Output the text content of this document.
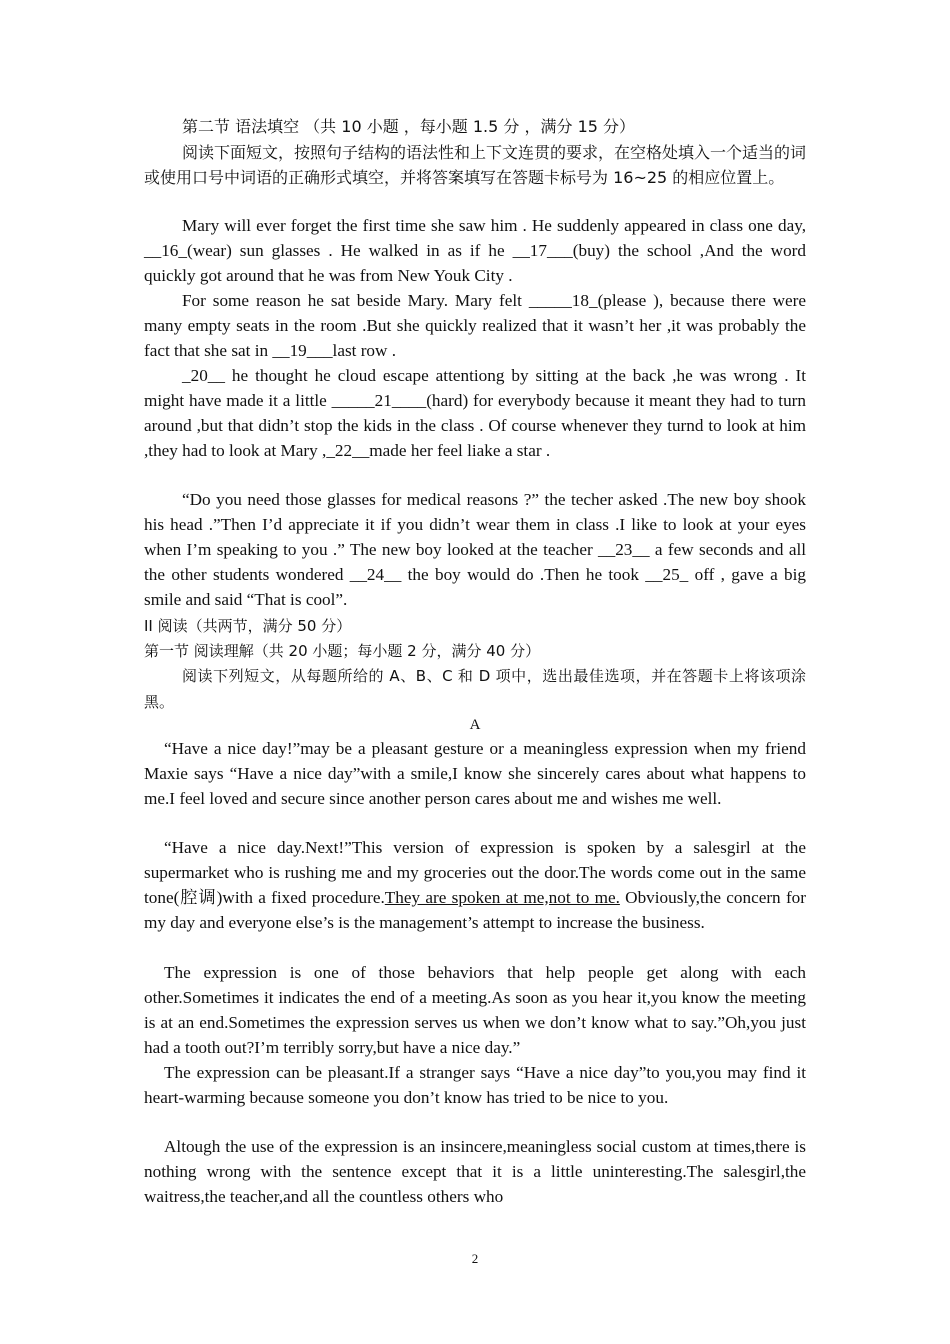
第二节 语法填空 （共 10 小题 ，每小题 1.5 分 ，满分 15 分）

阅读下面短文，按照句子结构的语法性和上下文连贯的要求，在空格处填入一个适当的词或使用口号中词语的正确形式填空，并将答案填写在答题卡标号为 16~25 的相应位置上。

Mary will ever forget the first time she saw him . He suddenly appeared in class one day, __16_(wear) sun glasses . He walked in as if he __17___(buy) the school ,And the word quickly got around that he was from New Youk City .

For some reason he sat beside Mary. Mary felt _____18_(please ), because there were many empty seats in the room .But she quickly realized that it wasn’t her ,it was probably the fact that she sat in __19___last row .

_20__ he thought he cloud escape attentiong by sitting at the back ,he was wrong . It might have made it a little _____21____(hard) for everybody because it meant they had to turn around ,but that didn’t stop the kids in the class . Of course whenever they turnd to look at him ,they had to look at Mary ,_22__made her feel liake a star .

“Do you need those glasses for medical reasons ?” the techer asked .The new boy shook his head .”Then I’d appreciate it if you didn’t wear them in class .I like to look at your eyes when I’m speaking to you .” The new boy looked at the teacher __23__ a few seconds and all the other students wondered __24__ the boy would do .Then he took __25_ off , gave a big smile and said “That is cool”.

II 阅读（共两节，满分 50 分）

第一节 阅读理解（共 20 小题；每小题 2 分，满分 40 分）

阅读下列短文，从每题所给的 A、B、C 和 D 项中，选出最佳选项，并在答题卡上将该项涂黑。

A

“Have a nice day!”may be a pleasant gesture or a meaningless expression when my friend Maxie says “Have a nice day”with a smile,I know she sincerely cares about what happens to me.I feel loved and secure since another person cares about me and wishes me well.

“Have a nice day.Next!”This version of expression is spoken by a salesgirl at the supermarket who is rushing me and my groceries out the door.The words come out in the same tone(腔调)with a fixed procedure.They are spoken at me,not to me. Obviously,the concern for my day and everyone else’s is the management’s attempt to increase the business.

The expression is one of those behaviors that help people get along with each other.Sometimes it indicates the end of a meeting.As soon as you hear it,you know the meeting is at an end.Sometimes the expression serves us when we don’t know what to say.”Oh,you just had a tooth out?I’m terribly sorry,but have a nice day.”

The expression can be pleasant.If a stranger says “Have a nice day”to you,you may find it heart-warming because someone you don’t know has tried to be nice to you.

Altough the use of the expression is an insincere,meaningless social custom at times,there is nothing wrong with the sentence except that it is a little uninteresting.The salesgirl,the waitress,the teacher,and all the countless others who

2
